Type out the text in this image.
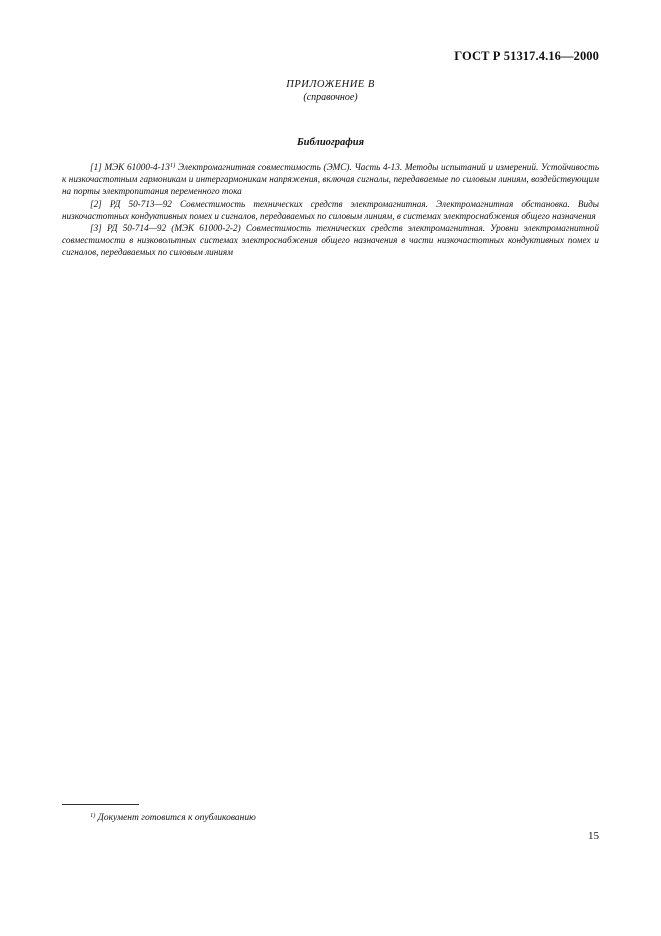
ГОСТ Р 51317.4.16—2000
ПРИЛОЖЕНИЕ В
(справочное)
Библиография

[1] МЭК 61000-4-13$^{1)}$ Электромагнитная совместимость (ЭМС). Часть 4-13. Методы испытаний и измерений. Устойчивость к низкочастотным гармоникам и интергармоникам напряжения, включая сигналы, передаваемые по силовым линиям, воздействующим на порты электропитания переменного тока

[2] РД 50-713—92 Совместимость технических средств электромагнитная. Электромагнитная обстановка. Виды низкочастотных кондуктивных помех и сигналов, передаваемых по силовым линиям, в системах электроснабжения общего назначения

[3] РД 50-714—92 (МЭК 61000-2-2) Совместимость технических средств электромагнитная. Уровни электромагнитной совместимости в низковольтных системах электроснабжения общего назначения в части низкочастотных кондуктивных помех и сигналов, передаваемых по силовым линиям

$^{1)}$ Документ готовится к опубликованию
15
